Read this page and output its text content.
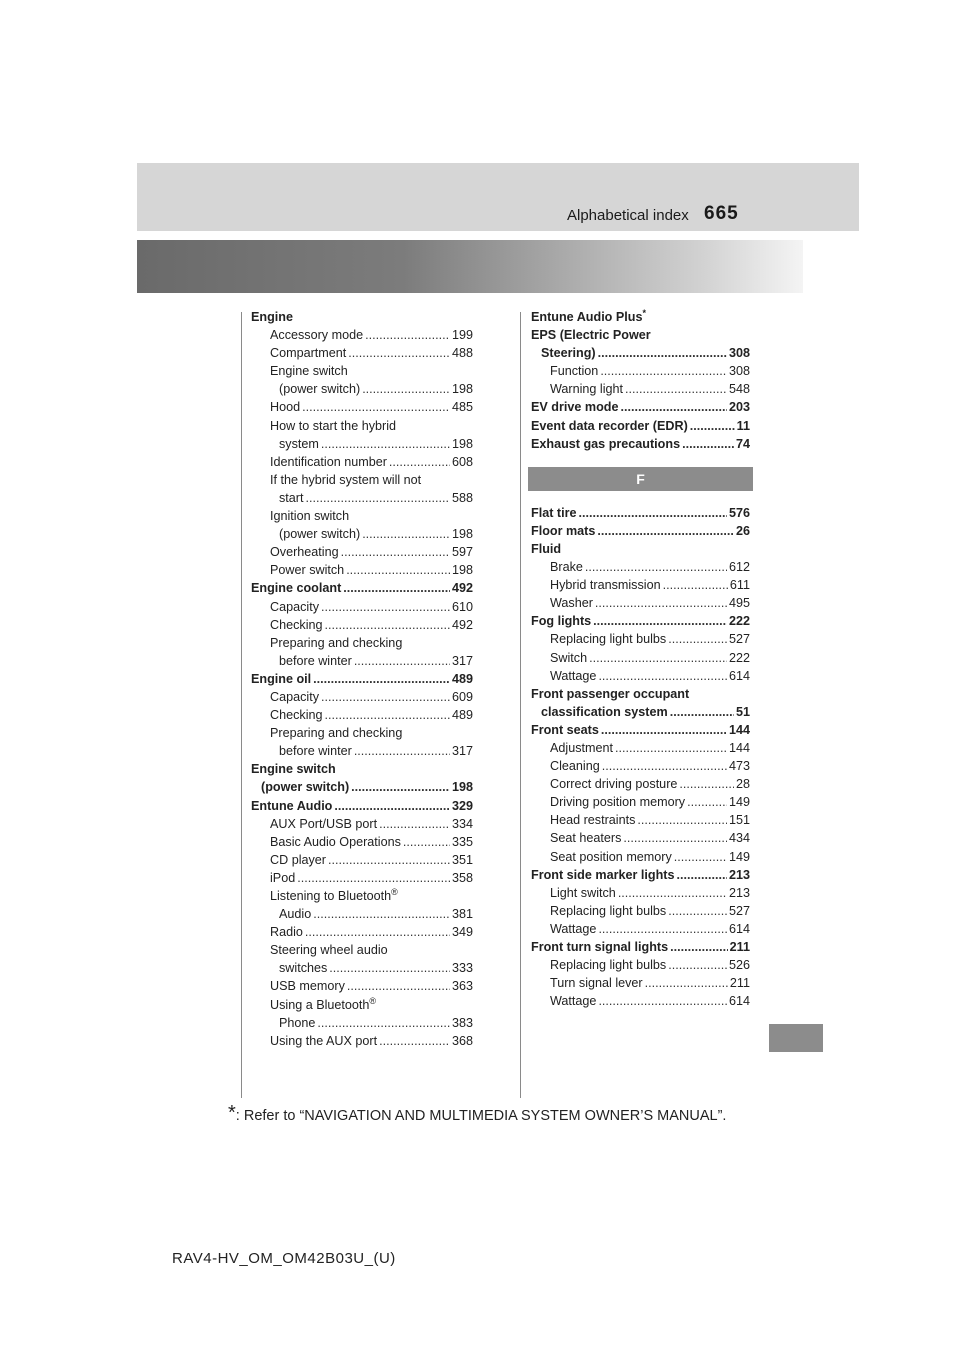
Alphabetical index 665
Engine
Accessory mode .....	199
Compartment .....	488
Engine switch
(power switch) .....	198
Hood .....	485
How to start the hybrid
system .....	198
Identification number .....	608
If the hybrid system will not
start .....	588
Ignition switch
(power switch) .....	198
Overheating .....	597
Power switch .....	198
Engine coolant .....	492
Capacity .....	610
Checking .....	492
Preparing and checking
before winter .....	317
Engine oil .....	489
Capacity .....	609
Checking .....	489
Preparing and checking
before winter .....	317
Engine switch
(power switch) .....	198
Entune Audio .....	329
AUX Port/USB port .....	334
Basic Audio Operations .....	335
CD player .....	351
iPod .....	358
Listening to Bluetooth®
Audio .....	381
Radio .....	349
Steering wheel audio
switches .....	333
USB memory .....	363
Using a Bluetooth®
Phone .....	383
Using the AUX port .....	368
Entune Audio Plus*
EPS (Electric Power
Steering) .....	308
Function .....	308
Warning light .....	548
EV drive mode .....	203
Event data recorder (EDR) .....	11
Exhaust gas precautions .....	74
F
Flat tire .....	576
Floor mats .....	26
Fluid
Brake .....	612
Hybrid transmission .....	611
Washer .....	495
Fog lights .....	222
Replacing light bulbs .....	527
Switch .....	222
Wattage .....	614
Front passenger occupant
classification system .....	51
Front seats .....	144
Adjustment .....	144
Cleaning .....	473
Correct driving posture .....	28
Driving position memory .....	149
Head restraints .....	151
Seat heaters .....	434
Seat position memory .....	149
Front side marker lights .....	213
Light switch .....	213
Replacing light bulbs .....	527
Wattage .....	614
Front turn signal lights .....	211
Replacing light bulbs .....	526
Turn signal lever .....	211
Wattage .....	614
*: Refer to “NAVIGATION AND MULTIMEDIA SYSTEM OWNER’S MANUAL”.
RAV4-HV_OM_OM42B03U_(U)
